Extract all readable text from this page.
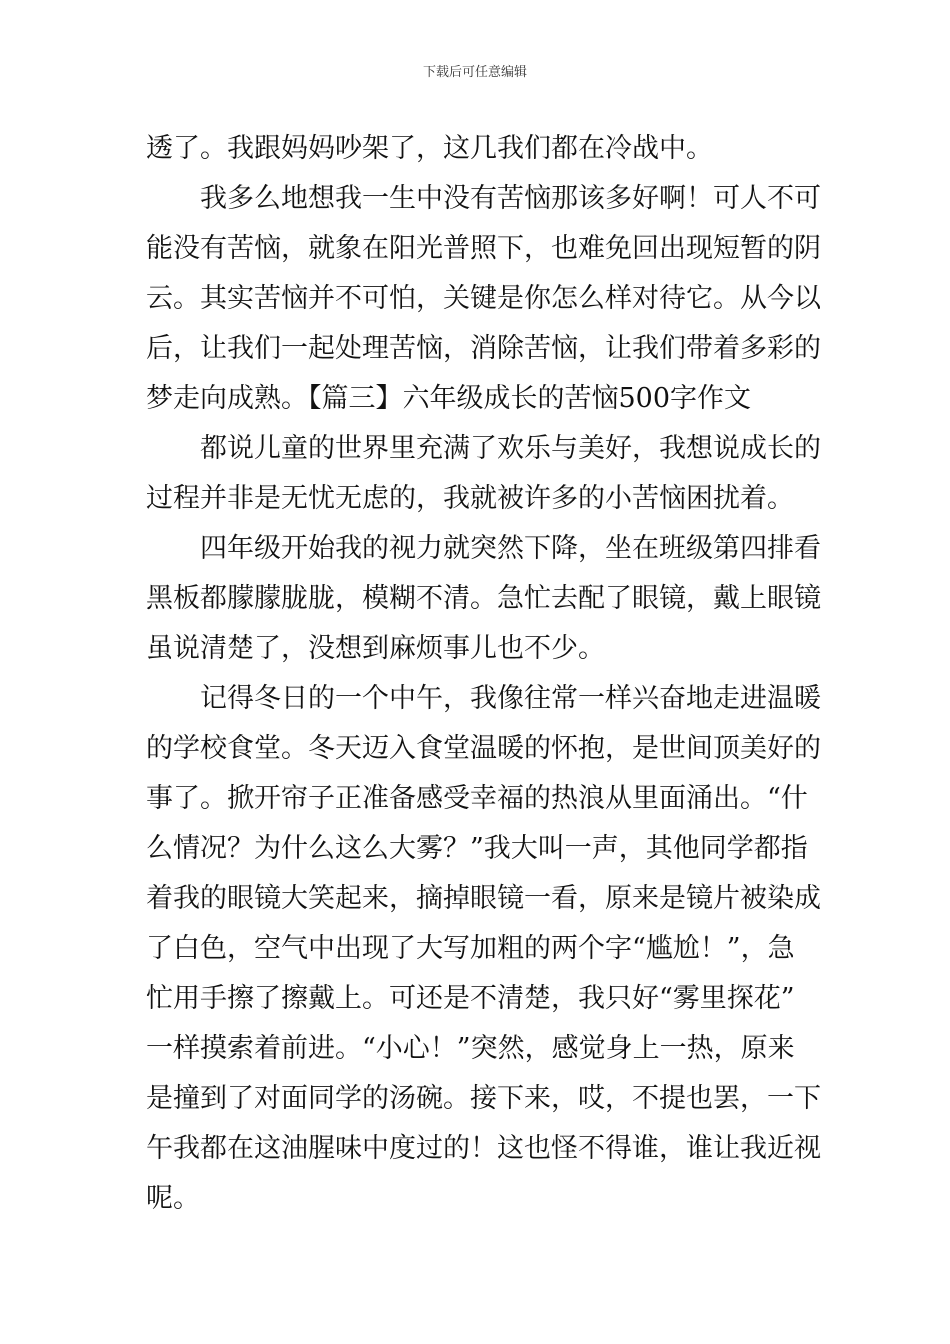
下载后可任意编辑
透了。我跟妈妈吵架了，这几我们都在冷战中。
我多么地想我一生中没有苦恼那该多好啊！可人不可
能没有苦恼，就象在阳光普照下，也难免回出现短暂的阴
云。其实苦恼并不可怕，关键是你怎么样对待它。从今以
后，让我们一起处理苦恼，消除苦恼，让我们带着多彩的
梦走向成熟。【篇三】六年级成长的苦恼500字作文
都说儿童的世界里充满了欢乐与美好，我想说成长的
过程并非是无忧无虑的，我就被许多的小苦恼困扰着。
四年级开始我的视力就突然下降，坐在班级第四排看
黑板都朦朦胧胧，模糊不清。急忙去配了眼镜，戴上眼镜
虽说清楚了，没想到麻烦事儿也不少。
记得冬日的一个中午，我像往常一样兴奋地走进温暖
的学校食堂。冬天迈入食堂温暖的怀抱，是世间顶美好的
事了。掀开帘子正准备感受幸福的热浪从里面涌出。“什
么情况？为什么这么大雾？”我大叫一声，其他同学都指
着我的眼镜大笑起来，摘掉眼镜一看，原来是镜片被染成
了白色，空气中出现了大写加粗的两个字“尴尬！”，急
忙用手擦了擦戴上。可还是不清楚，我只好“雾里探花”
一样摸索着前进。“小心！”突然，感觉身上一热，原来
是撞到了对面同学的汤碗。接下来，哎，不提也罢，一下
午我都在这油腥味中度过的！这也怪不得谁，谁让我近视
呢。
